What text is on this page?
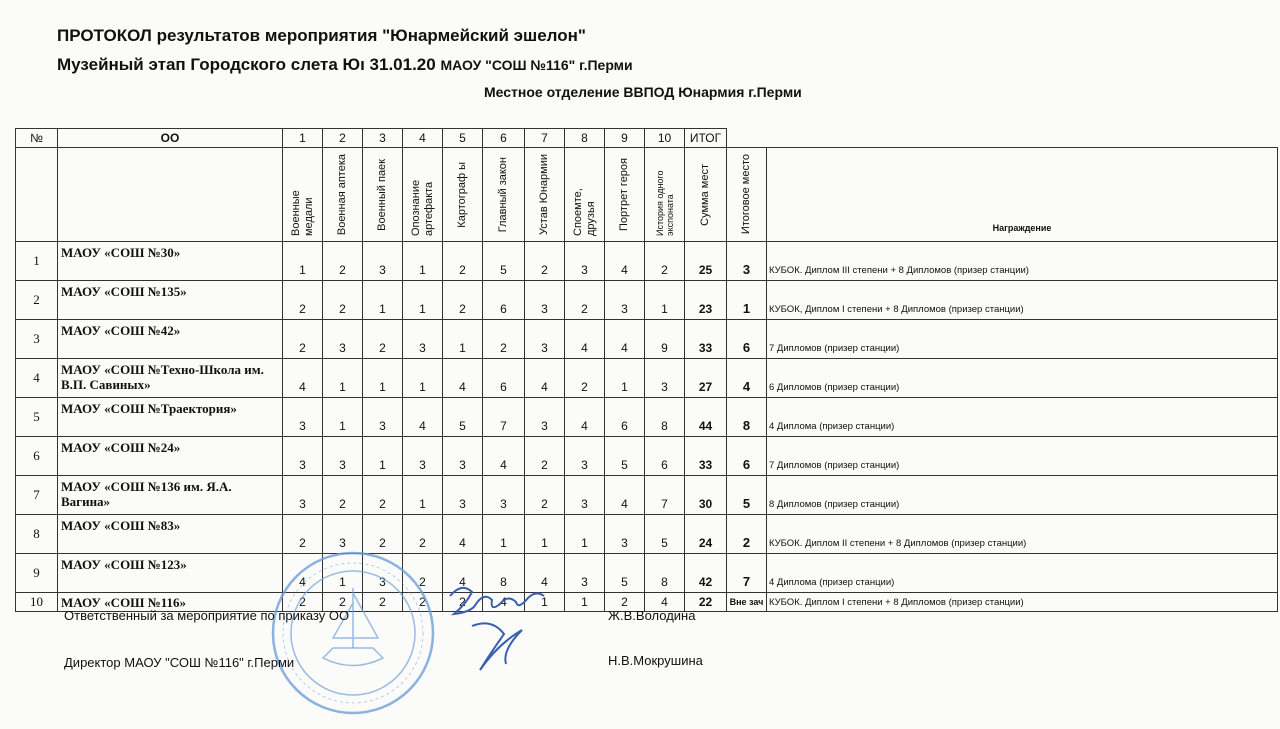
ПРОТОКОЛ результатов мероприятия "Юнармейский эшелон"
Музейный этап Городского слета Юı 31.01.20 МАОУ "СОШ №116" г.Перми
Местное отделение ВВПОД Юнармия г.Перми
№	ОО	1	2	3	4	5	6	7	8	9	10	ИТОГ		

		Военные медали	Военная аптека	Военный паек	Опознание артефакта	Картограф ы	Главный закон	Устав Юнармии	Споемте, друзья	Портрет героя	История одного экспоната	Сумма мест	Итоговое место	Награждение
1	МАОУ «СОШ №30»	1	2	3	1	2	5	2	3	4	2	25	3	КУБОК. Диплом III степени + 8 Дипломов (призер станции)
2	МАОУ «СОШ №135»	2	2	1	1	2	6	3	2	3	1	23	1	КУБОК, Диплом I степени + 8 Дипломов (призер станции)
3	МАОУ «СОШ №42»	2	3	2	3	1	2	3	4	4	9	33	6	7 Дипломов (призер станции)
4	МАОУ «СОШ №Техно-Школа им. В.П. Савиных»	4	1	1	1	4	6	4	2	1	3	27	4	6 Дипломов (призер станции)
5	МАОУ «СОШ №Траектория»	3	1	3	4	5	7	3	4	6	8	44	8	4 Диплома (призер станции)
6	МАОУ «СОШ №24»	3	3	1	3	3	4	2	3	5	6	33	6	7 Дипломов (призер станции)
7	МАОУ «СОШ №136 им. Я.А. Вагина»	3	2	2	1	3	3	2	3	4	7	30	5	8 Дипломов (призер станции)
8	МАОУ «СОШ №83»	2	3	2	2	4	1	1	1	3	5	24	2	КУБОК. Диплом II степени + 8 Дипломов (призер станции)
9	МАОУ «СОШ №123»	4	1	3	2	4	8	4	3	5	8	42	7	4 Диплома (призер станции)
10	МАОУ «СОШ №116»	2	2	2	2	2	4	1	1	2	4	22	Вне зач	КУБОК. Диплом I степени + 8 Дипломов (призер станции)
Ответственный за мероприятие по приказу ОО	Ж.В.Володина
Директор МАОУ "СОШ №116" г.Перми	Н.В.Мокрушина
